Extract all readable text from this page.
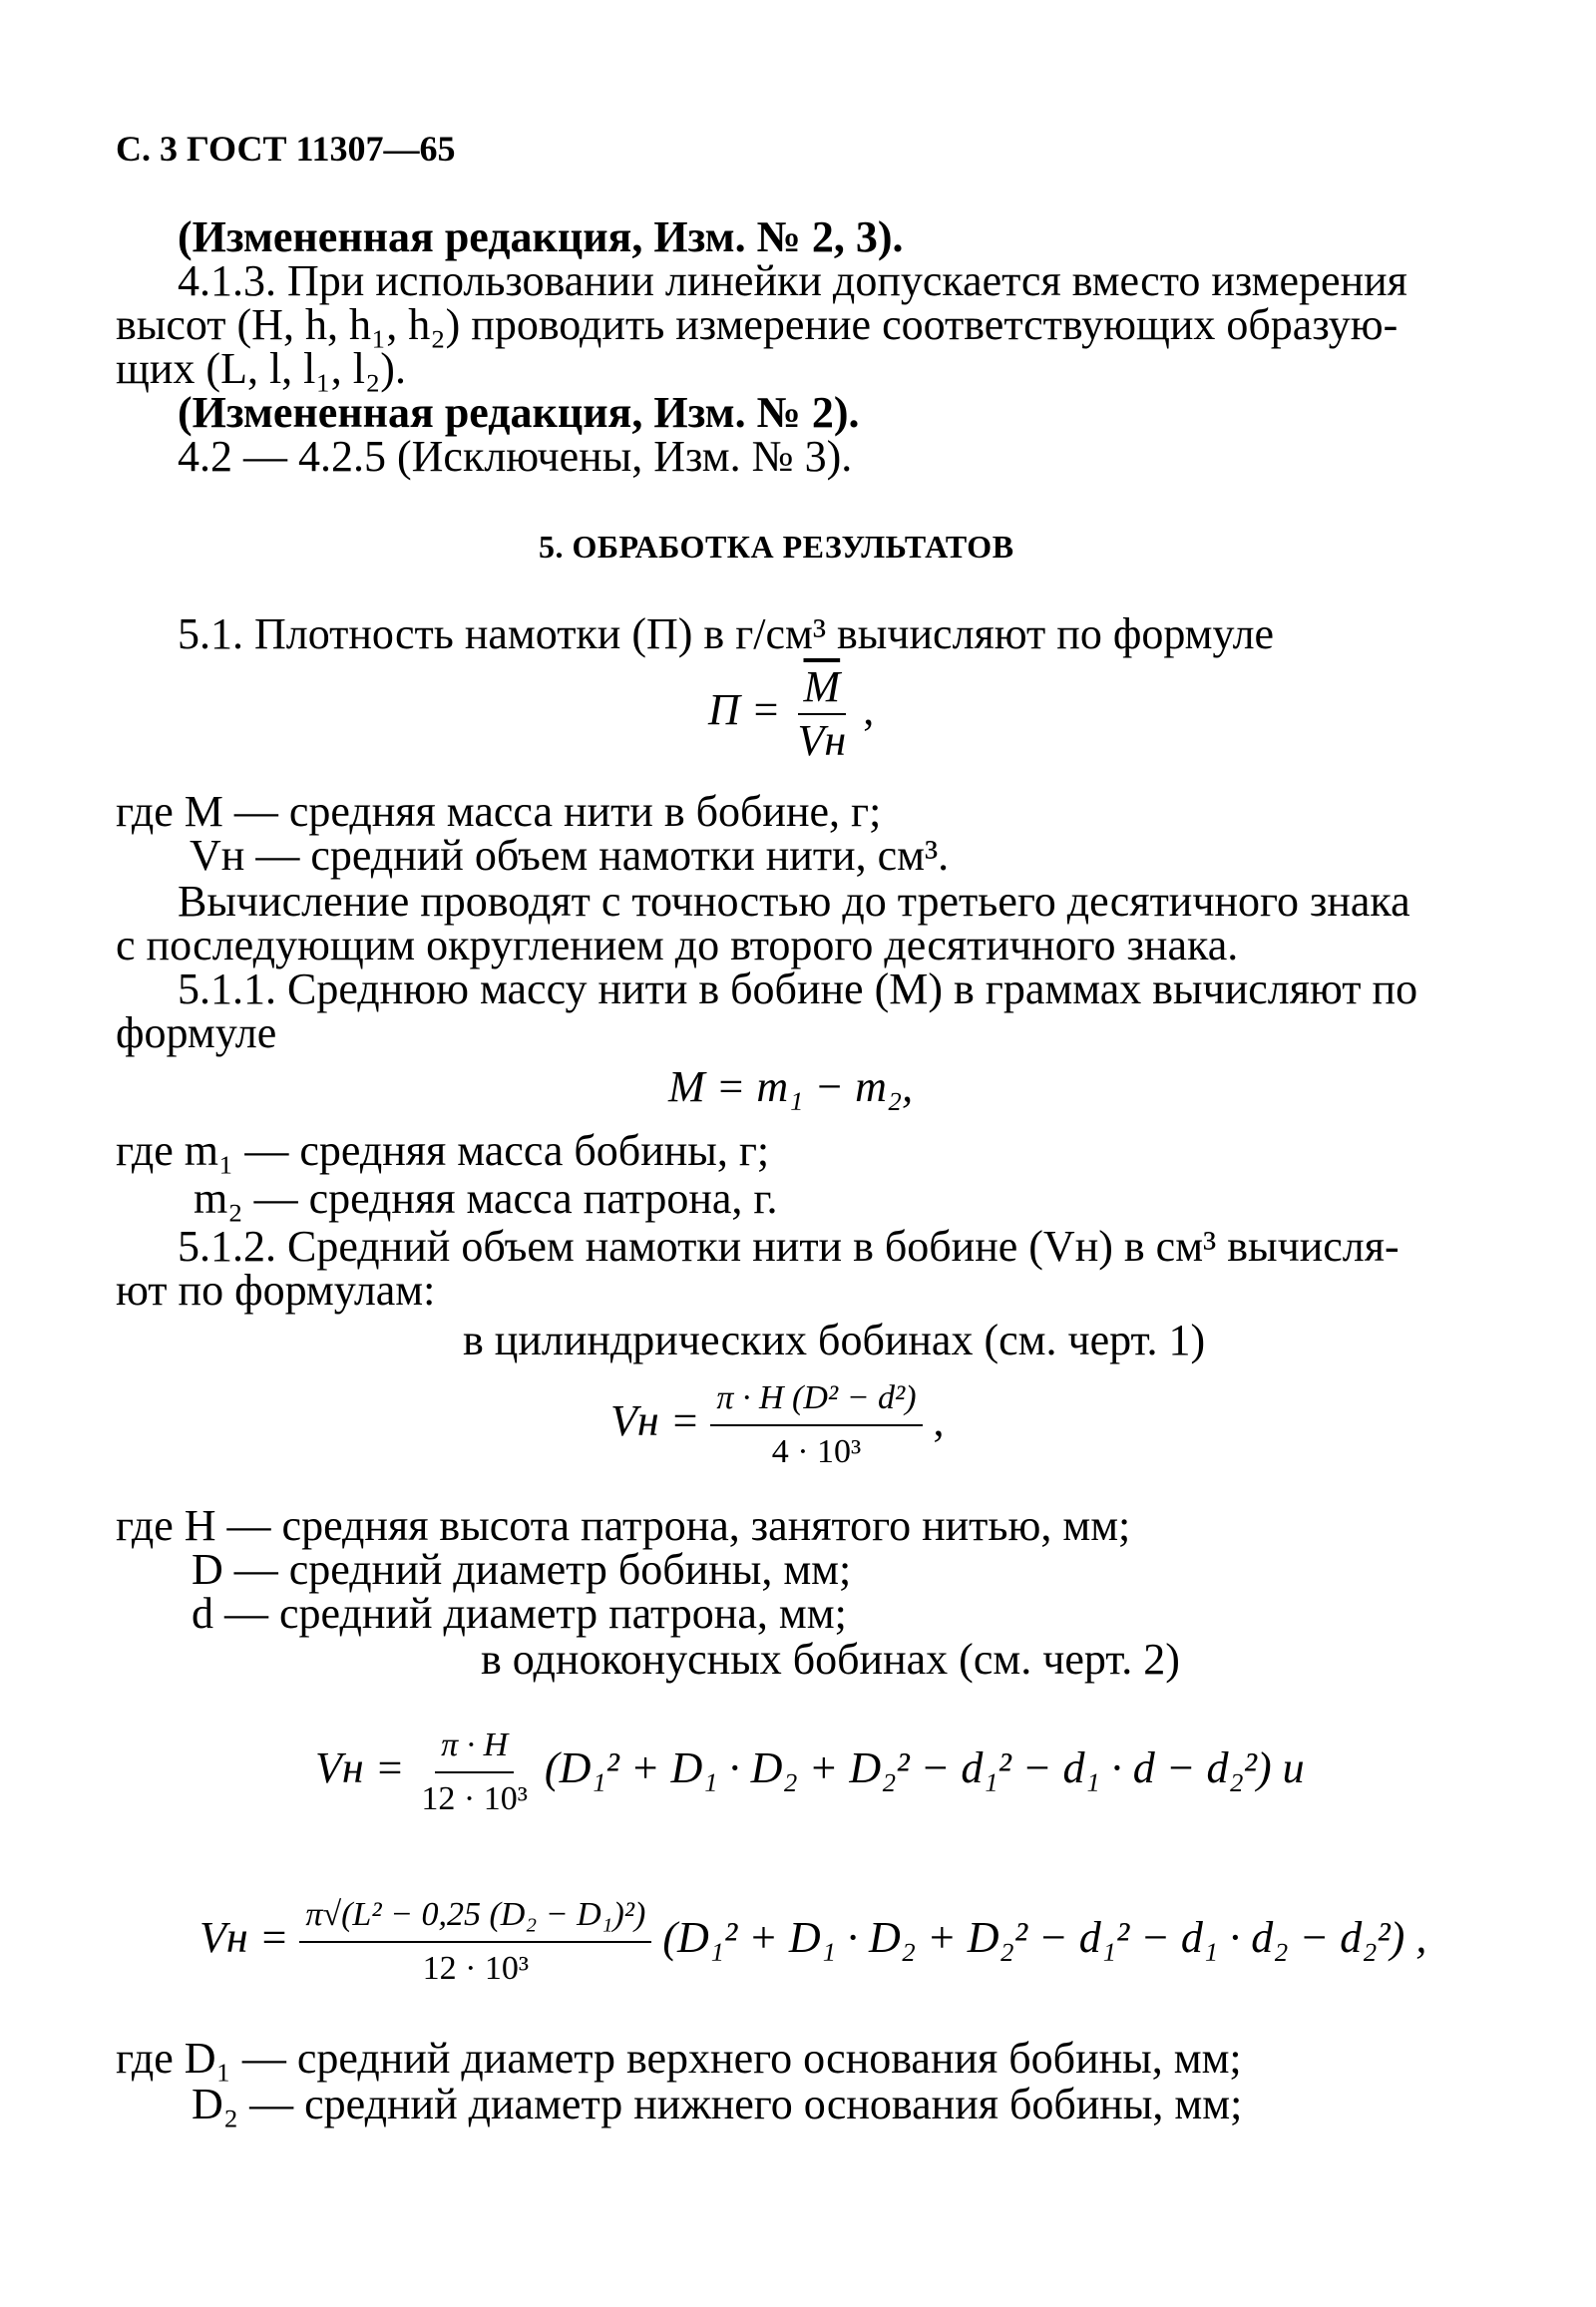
С. 3 ГОСТ 11307—65
(Измененная редакция, Изм. № 2, 3).
4.1.3. При использовании линейки допускается вместо измерения
высот (H, h, h₁, h₂) проводить измерение соответствующих образую-
щих (L, l, l₁, l₂).
(Измененная редакция, Изм. № 2).
4.2 — 4.2.5 (Исключены, Изм. № 3).
5. ОБРАБОТКА РЕЗУЛЬТАТОВ
5.1. Плотность намотки (П) в г/см³ вычисляют по формуле
$П = \frac{\overline{M}}{Vн}$ ,
где M — средняя масса нити в бобине, г;
Vн — средний объем намотки нити, см³.
Вычисление проводят с точностью до третьего десятичного знака
с последующим округлением до второго десятичного знака.
5.1.1. Среднюю массу нити в бобине (M) в граммах вычисляют по
формуле
M = m₁ − m₂,
где m₁ — средняя масса бобины, г;
m₂ — средняя масса патрона, г.
5.1.2. Средний объем намотки нити в бобине (Vн) в см³ вычисля-
ют по формулам:
в цилиндрических бобинах (см. черт. 1)
Vн = $\frac{\text{π · H (D² − d²)}}{\text{4 · 10³}}$ ,
где H — средняя высота патрона, занятого нитью, мм;
D — средний диаметр бобины, мм;
d — средний диаметр патрона, мм;
в одноконусных бобинах (см. черт. 2)
Vн = $\frac{\pi \cdot H}{\text{12 · 10³}} (D_1^2 + D_1 \cdot D_2 + D_2^2 - d_1^2 - d_1 \cdot d - d_2^2)$ и
Vн = $\frac{\text{π√(L² − 0,25 (D₂ − D₁)²)}}{\text{12 · 10³}} (D_1^2 + D_1 \cdot D_2 + D_2^2 - d_1^2 - d_1 \cdot d_2 - d_2^2)$ ,
где D₁ — средний диаметр верхнего основания бобины, мм;
D₂ — средний диаметр нижнего основания бобины, мм;
